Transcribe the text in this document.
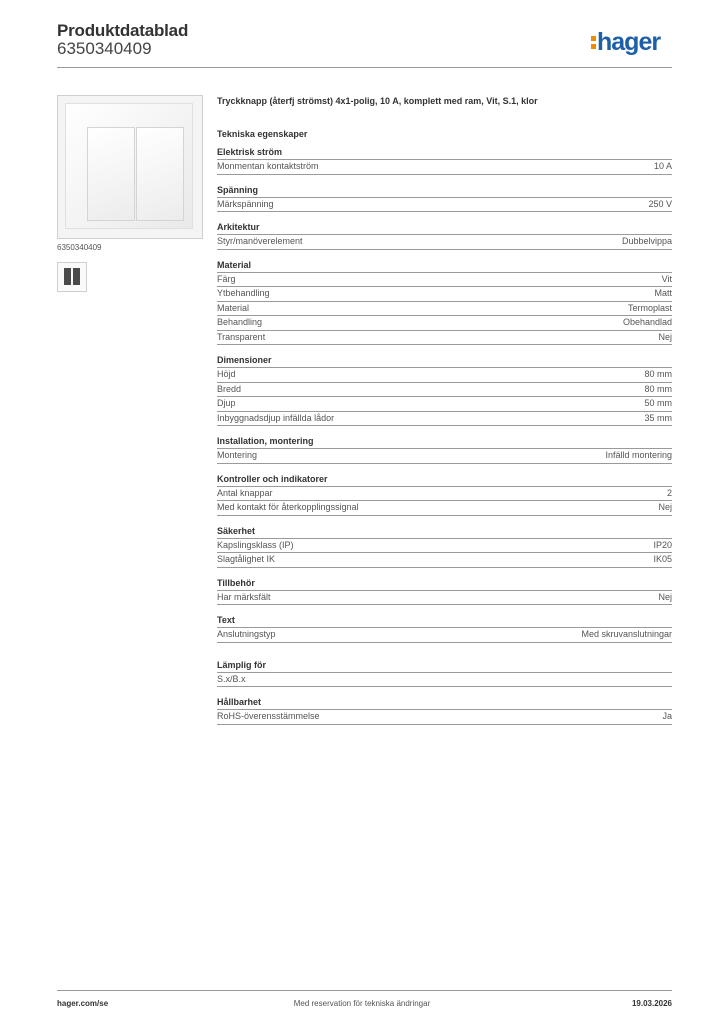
Produktdatablad
6350340409	hager
6350340409
Tryckknapp (återfj strömst) 4x1-polig, 10 A, komplett med ram, Vit, S.1, klor
Tekniska egenskaper
Elektrisk ström
Monmentan kontaktström	10 A
Spänning
Märkspänning	250 V
Arkitektur
Styr/manöverelement	Dubbelvippa
Material
Färg	Vit
Ytbehandling	Matt
Material	Termoplast
Behandling	Obehandlad
Transparent	Nej
Dimensioner
Höjd	80 mm
Bredd	80 mm
Djup	50 mm
Inbyggnadsdjup infällda lådor	35 mm
Installation, montering
Montering	Infälld montering
Kontroller och indikatorer
Antal knappar	2
Med kontakt för återkopplingssignal	Nej
Säkerhet
Kapslingsklass (IP)	IP20
Slagtålighet IK	IK05
Tillbehör
Har märksfält	Nej
Text
Anslutningstyp	Med skruvanslutningar
Lämplig för
S.x/B.x
Hållbarhet
RoHS-överensstämmelse	Ja
hager.com/se	Med reservation för tekniska ändringar	19.03.2026
